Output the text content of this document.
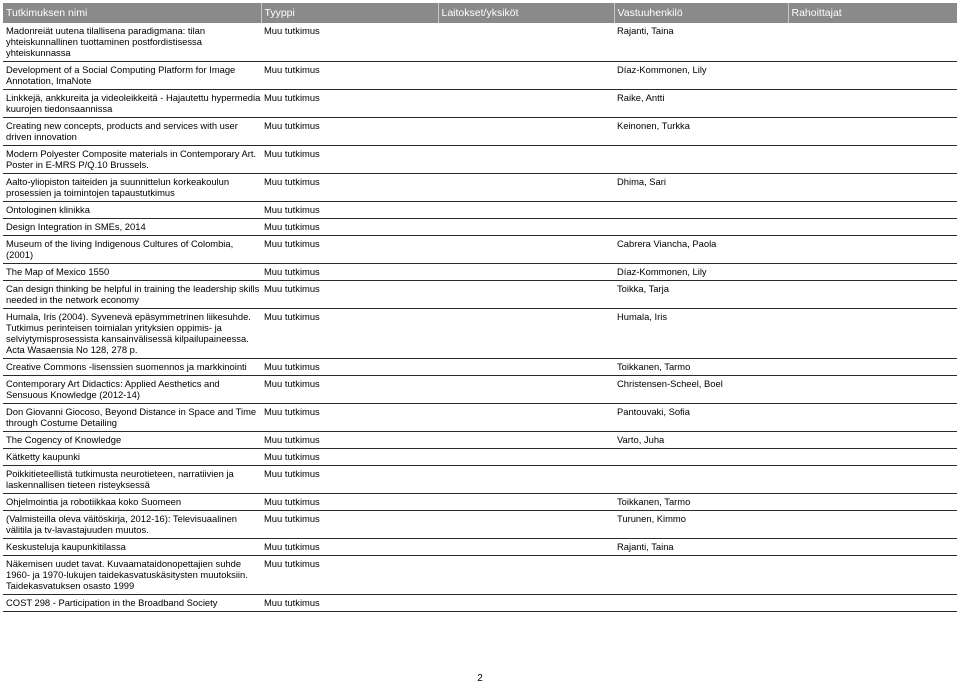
Tutkimuksen nimi	Tyyppi	Laitokset/yksiköt	Vastuuhenkilö	Rahoittajat

Madonreiät uutena tilallisena paradigmana: tilan
yhteiskunnallinen tuottaminen postfordistisessa
yhteiskunnassa	Muu tutkimus		Rajanti, Taina	

Development of a Social Computing Platform for Image
Annotation, ImaNote	Muu tutkimus		Díaz-Kommonen, Lily	

Linkkejä, ankkureita ja videoleikkeitä - Hajautettu hypermedia
kuurojen tiedonsaannissa	Muu tutkimus		Raike, Antti	

Creating new concepts, products and services with user
driven innovation	Muu tutkimus		Keinonen, Turkka	

Modern Polyester Composite materials in Contemporary Art.
Poster in E-MRS P/Q.10 Brussels.	Muu tutkimus			

Aalto-yliopiston taiteiden ja suunnittelun korkeakoulun
prosessien ja toimintojen tapaustutkimus	Muu tutkimus		Dhima, Sari	

Ontologinen klinikka	Muu tutkimus			

Design Integration in SMEs, 2014	Muu tutkimus			

Museum of the living Indigenous Cultures of Colombia,
(2001)	Muu tutkimus		Cabrera Viancha, Paola	

The Map of Mexico 1550	Muu tutkimus		Díaz-Kommonen, Lily	

Can design thinking be helpful in training the leadership skills
needed in the network economy	Muu tutkimus		Toikka, Tarja	

Humala, Iris (2004). Syvenevä epäsymmetrinen liikesuhde.
Tutkimus perinteisen toimialan yrityksien oppimis- ja
selviytymisprosessista kansainvälisessä kilpailupaineessa.
Acta Wasaensia No 128, 278 p.	Muu tutkimus		Humala, Iris	

Creative Commons -lisenssien suomennos ja markkinointi	Muu tutkimus		Toikkanen, Tarmo	

Contemporary Art Didactics: Applied Aesthetics and
Sensuous Knowledge (2012-14)	Muu tutkimus		Christensen-Scheel, Boel	

Don Giovanni Giocoso, Beyond Distance in Space and Time
through Costume Detailing	Muu tutkimus		Pantouvaki, Sofia	

The Cogency of Knowledge	Muu tutkimus		Varto, Juha	

Kätketty kaupunki	Muu tutkimus			

Poikkitieteellistä tutkimusta neurotieteen, narratiivien ja
laskennallisen tieteen risteyksessä	Muu tutkimus			

Ohjelmointia ja robotiikkaa koko Suomeen	Muu tutkimus		Toikkanen, Tarmo	

(Valmisteilla oleva väitöskirja, 2012-16): Televisuaalinen
välitila ja tv-lavastajuuden muutos.	Muu tutkimus		Turunen, Kimmo	

Keskusteluja kaupunkitilassa	Muu tutkimus		Rajanti, Taina	

Näkemisen uudet tavat. Kuvaamataidonopettajien suhde
1960- ja 1970-lukujen taidekasvatuskäsitysten muutoksiin.
Taidekasvatuksen osasto 1999	Muu tutkimus			

COST 298 - Participation in the Broadband Society	Muu tutkimus			
2
